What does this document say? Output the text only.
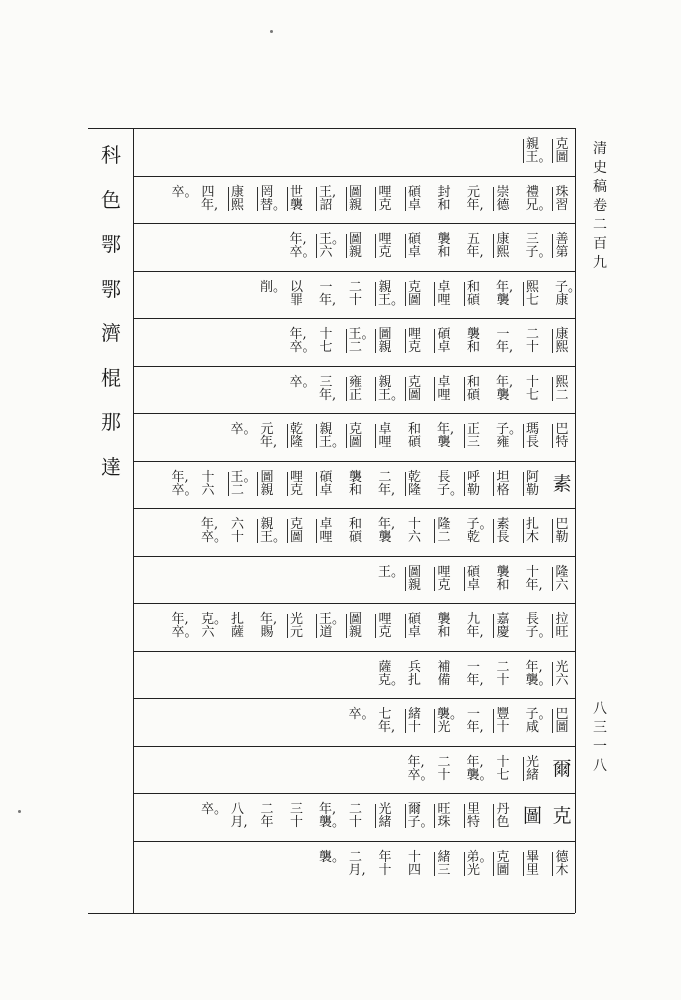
清史稿卷二百九
八三一八
科
色
鄂
鄂
濟
棍
那
達
克圖
親王。
珠習
禮兄。
崇德
元年,
封和
碩卓
哩克
圖親
王,詔
世襲
罔替。
康熙
四年,
卒。
善第
三子。
康熙
五年,
襲和
碩卓
哩克
圖親
王。六
年,卒。
子。康
熙七
年,襲
和碩
卓哩
克圖
親王。
二十
一年,
以罪
削。
康熙
二十
一年,
襲和
碩卓
哩克
圖親
王。二
十七
年,卒。
熙二
十七
年,襲
和碩
卓哩
克圖
親王。
雍正
三年,
卒。
巴特
瑪長
子。雍
正三
年,襲
和碩
卓哩
克圖
親王。
乾隆
元年,
卒。
素
阿勒
坦格
呼勒
長子。
乾隆
二年,
襲和
碩卓
哩克
圖親
王。二
十六
年,卒。
巴勒
扎木
素長
子。乾
隆二
十六
年,襲
和碩
卓哩
克圖
親王。
六十
年,卒。
隆六
十年,
襲和
碩卓
哩克
圖親
王。
拉旺
長子。
嘉慶
九年,
襲和
碩卓
哩克
圖親
王。道
光元
年,賜
扎薩
克。六
年,卒。
光六
年,襲。
二十
一年,
補備
兵扎
薩克。
巴圖
子。咸
豐十
一年,
襲。光
緒十
七年,
卒。
爾
光緒
十七
年,襲。
二十
年,卒。
克
圖
丹色
里特
旺珠
爾子。
光緒
二十
年,襲。
三十
二年
八月,
卒。
德木
畢里
克圖
弟。光
緒三
十四
年十
二月,
襲。
